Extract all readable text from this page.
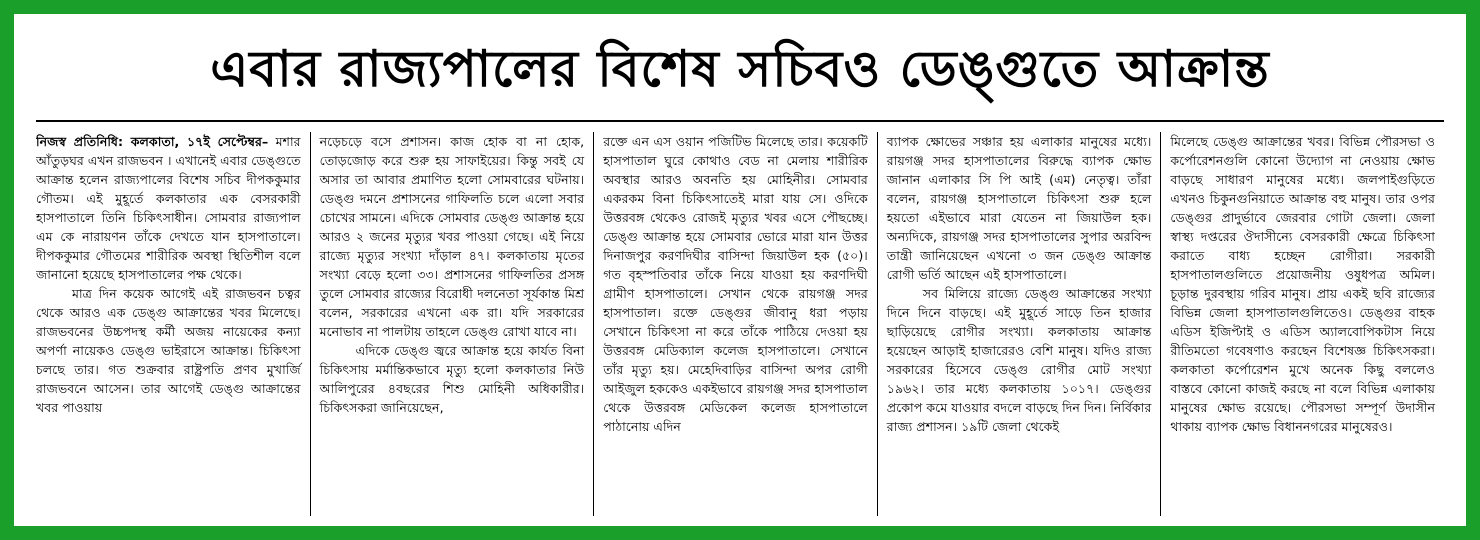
এবার রাজ্যপালের বিশেষ সচিবও ডেঙ্গুতে আক্রান্ত

নিজস্ব প্রতিনিধি: কলকাতা, ১৭ই সেপ্টেম্বর– মশার আঁতুড়ঘর এখন রাজভবন । এখানেই এবার ডেঙ্গুতে আক্রান্ত হলেন রাজ্যপালের বিশেষ সচিব দীপককুমার গৌতম। এই মুহূর্তে কলকাতার এক বেসরকারী হাসপাতালে তিনি চিকিৎসাধীন। সোমবার রাজ্যপাল এম কে নারায়ণন তাঁকে দেখতে যান হাসপাতালে। দীপককুমার গৌতমের শারীরিক অবস্থা স্থিতিশীল বলে জানানো হয়েছে হাসপাতালের পক্ষ থেকে।

মাত্র দিন কয়েক আগেই এই রাজভবন চত্বর থেকে আরও এক ডেঙ্গু আক্রান্তের খবর মিলেছে। রাজভবনের উচ্চপদস্থ কর্মী অজয় নায়েকের কন্যা অপর্ণা নায়েকও ডেঙ্গু ভাইরাসে আক্রান্ত। চিকিৎসা চলছে তার। গত শুক্রবার রাষ্ট্রপতি প্রণব মুখার্জি রাজভবনে আসেন। তার আগেই ডেঙ্গু আক্রান্তের খবর পাওয়ায়

নড়েচড়ে বসে প্রশাসন। কাজ হোক বা না হোক, তোড়জোড় করে শুরু হয় সাফাইয়ের। কিন্তু সবই যে অসার তা আবার প্রমাণিত হলো সোমবারের ঘটনায়। ডেঙ্গু দমনে প্রশাসনের গাফিলতি চলে এলো সবার চোখের সামনে। এদিকে সোমবার ডেঙ্গু আক্রান্ত হয়ে আরও ২ জনের মৃত্যুর খবর পাওয়া গেছে। এই নিয়ে রাজ্যে মৃত্যুর সংখ্যা দাঁড়াল ৪৭। কলকাতায় মৃতের সংখ্যা বেড়ে হলো ৩৩। প্রশাসনের গাফিলতির প্রসঙ্গ তুলে সোমবার রাজ্যের বিরোধী দলনেতা সূর্যকান্ত মিশ্র বলেন, সরকারের এখনো এক রা। যদি সরকারের মনোভাব না পালটায় তাহলে ডেঙ্গু রোখা যাবে না।

এদিকে ডেঙ্গু জ্বরে আক্রান্ত হয়ে কার্যত বিনা চিকিৎসায় মর্মান্তিকভাবে মৃত্যু হলো কলকাতার নিউ আলিপুরের ৪বছরের শিশু মোহিনী অধিকারীর। চিকিৎসকরা জানিয়েছেন,

রক্তে এন এস ওয়ান পজিটিভ মিলেছে তার। কয়েকটি হাসপাতাল ঘুরে কোথাও বেড না মেলায় শারীরিক অবস্থার আরও অবনতি হয় মোহিনীর। সোমবার একরকম বিনা চিকিৎসাতেই মারা যায় সে। ওদিকে উত্তরবঙ্গ থেকেও রোজই মৃত্যুর খবর এসে পৌছচ্ছে। ডেঙ্গু আক্রান্ত হয়ে সোমবার ভোরে মারা যান উত্তর দিনাজপুর করণদিঘীর বাসিন্দা জিয়াউল হক (৫০)। গত বৃহস্পতিবার তাঁকে নিয়ে যাওয়া হয় করণদিঘী গ্রামীণ হাসপাতালে। সেখান থেকে রায়গঞ্জ সদর হাসপাতাল। রক্তে ডেঙ্গুর জীবানু ধরা পড়ায় সেখানে চিকিৎসা না করে তাঁকে পাঠিয়ে দেওয়া হয় উত্তরবঙ্গ মেডিক্যাল কলেজ হাসপাতালে। সেখানে তাঁর মৃত্যু হয়। মেহেদিবাড়ির বাসিন্দা অপর রোগী আইজুল হককেও একইভাবে রায়গঞ্জ সদর হাসপাতাল থেকে উত্তরবঙ্গ মেডিকেল কলেজ হাসপাতালে পাঠানোয় এদিন

ব্যাপক ক্ষোভের সঞ্চার হয় এলাকার মানুষের মধ্যে। রায়গঞ্জ সদর হাসপাতালের বিরুদ্ধে ব্যাপক ক্ষোভ জানান এলাকার সি পি আই (এম) নেতৃত্ব। তাঁরা বলেন, রায়গঞ্জ হাসপাতালে চিকিৎসা শুরু হলে হয়তো এইভাবে মারা যেতেন না জিয়াউল হক। অন্যদিকে, রায়গঞ্জ সদর হাসপাতালের সুপার অরবিন্দ তান্ত্রী জানিয়েছেন এখনো ৩ জন ডেঙ্গু আক্রান্ত রোগী ভর্তি আছেন এই হাসপাতালে।

সব মিলিয়ে রাজ্যে ডেঙ্গু আক্রান্তের সংখ্যা দিনে দিনে বাড়ছে। এই মুহূর্তে সাড়ে তিন হাজার ছাড়িয়েছে রোগীর সংখ্যা। কলকাতায় আক্রান্ত হয়েছেন আড়াই হাজারেরও বেশি মানুষ। যদিও রাজ্য সরকারের হিসেবে ডেঙ্গু রোগীর মোট সংখ্যা ১৯৬২। তার মধ্যে কলকাতায় ১০১৭। ডেঙ্গুর প্রকোপ কমে যাওয়ার বদলে বাড়ছে দিন দিন। নির্বিকার রাজ্য প্রশাসন। ১৯টি জেলা থেকেই

মিলেছে ডেঙ্গু আক্রান্তের খবর। বিভিন্ন পৌরসভা ও কর্পোরেশনগুলি কোনো উদ্যোগ না নেওয়ায় ক্ষোভ বাড়ছে সাধারণ মানুষের মধ্যে। জলপাইগুড়িতে এখনও চিকুনগুনিয়াতে আক্রান্ত বহু মানুষ। তার ওপর ডেঙ্গুর প্রাদুর্ভাবে জেরবার গোটা জেলা। জেলা স্বাস্থ্য দপ্তরের ঔদাসীন্যে বেসরকারী ক্ষেত্রে চিকিৎসা করাতে বাধ্য হচ্ছেন রোগীরা। সরকারী হাসপাতালগুলিতে প্রয়োজনীয় ওষুধপত্র অমিল। চূড়ান্ত দুরবস্থায় গরিব মানুষ। প্রায় একই ছবি রাজ্যের বিভিন্ন জেলা হাসপাতালগুলিতেও। ডেঙ্গুর বাহক এডিস ইজিপ্টাই ও এডিস অ্যালবোপিকটাস নিয়ে রীতিমতো গবেষণাও করছেন বিশেষজ্ঞ চিকিৎসকরা। কলকাতা কর্পোরেশন মুখে অনেক কিছু বললেও বাস্তবে কোনো কাজই করছে না বলে বিভিন্ন এলাকায় মানুষের ক্ষোভ রয়েছে। পৌরসভা সম্পূর্ণ উদাসীন থাকায় ব্যাপক ক্ষোভ বিধাননগরের মানুষেরও।
